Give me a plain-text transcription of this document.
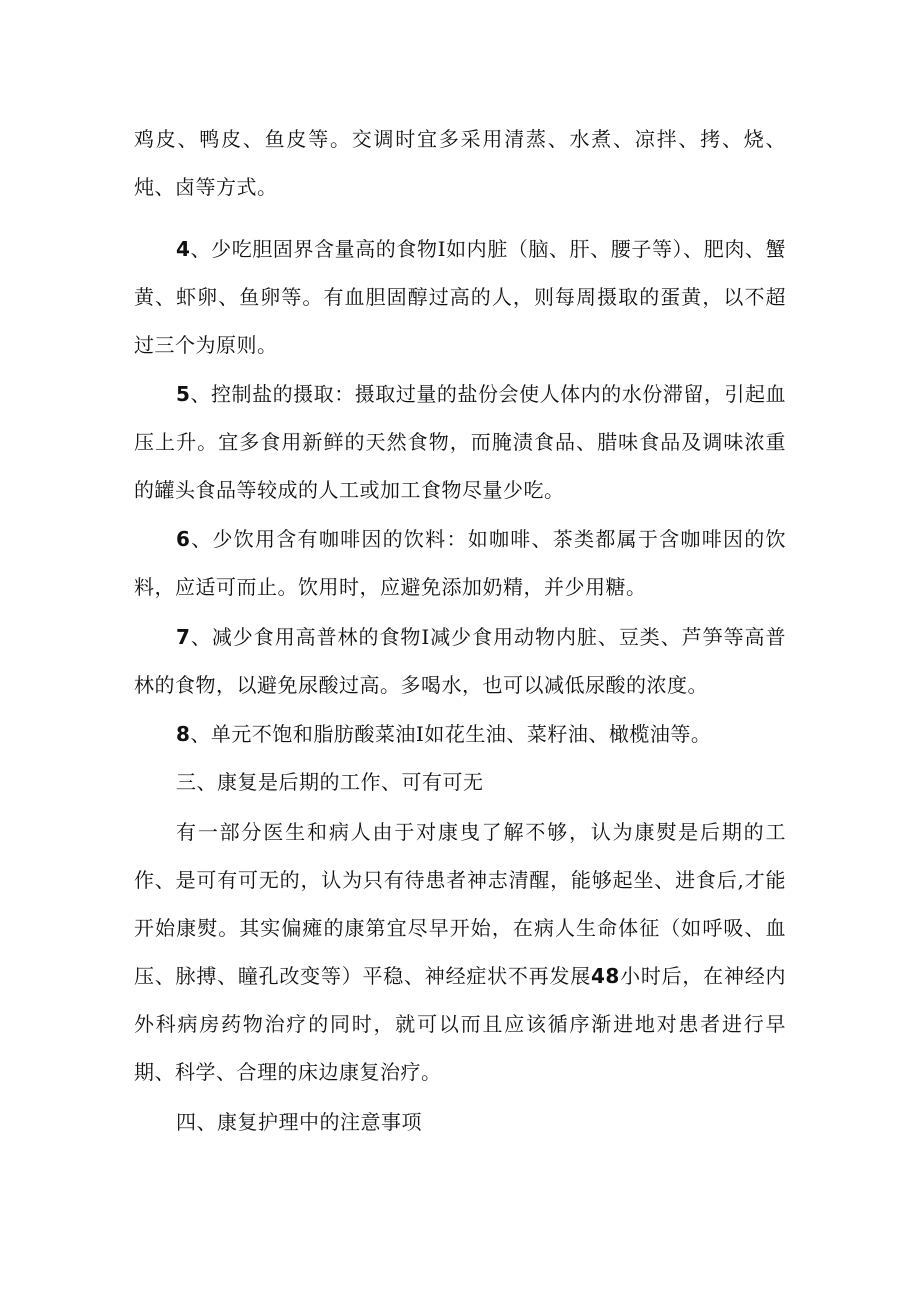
鸡皮、鸭皮、鱼皮等。交调时宜多采用清蒸、水煮、凉拌、拷、烧、炖、卤等方式。

4、少吃胆固界含量高的食物I如内脏（脑、肝、腰子等）、肥肉、蟹黄、虾卵、鱼卵等。有血胆固醇过高的人，则每周摄取的蛋黄，以不超过三个为原则。

5、控制盐的摄取：摄取过量的盐份会使人体内的水份滞留，引起血压上升。宜多食用新鲜的天然食物，而腌渍食品、腊味食品及调味浓重的罐头食品等较成的人工或加工食物尽量少吃。

6、少饮用含有咖啡因的饮料：如咖啡、茶类都属于含咖啡因的饮料，应适可而止。饮用时，应避免添加奶精，并少用糖。

7、减少食用高普林的食物I减少食用动物内脏、豆类、芦笋等高普林的食物，以避免尿酸过高。多喝水，也可以减低尿酸的浓度。

8、单元不饱和脂肪酸菜油I如花生油、菜籽油、橄榄油等。

三、康复是后期的工作、可有可无

有一部分医生和病人由于对康曳了解不够，认为康熨是后期的工作、是可有可无的，认为只有待患者神志清醒，能够起坐、进食后,才能开始康熨。其实偏瘫的康第宜尽早开始，在病人生命体征（如呼吸、血压、脉搏、瞳孔改变等）平稳、神经症状不再发展48小时后，在神经内外科病房药物治疗的同时，就可以而且应该循序渐进地对患者进行早期、科学、合理的床边康复治疗。

四、康复护理中的注意事项
